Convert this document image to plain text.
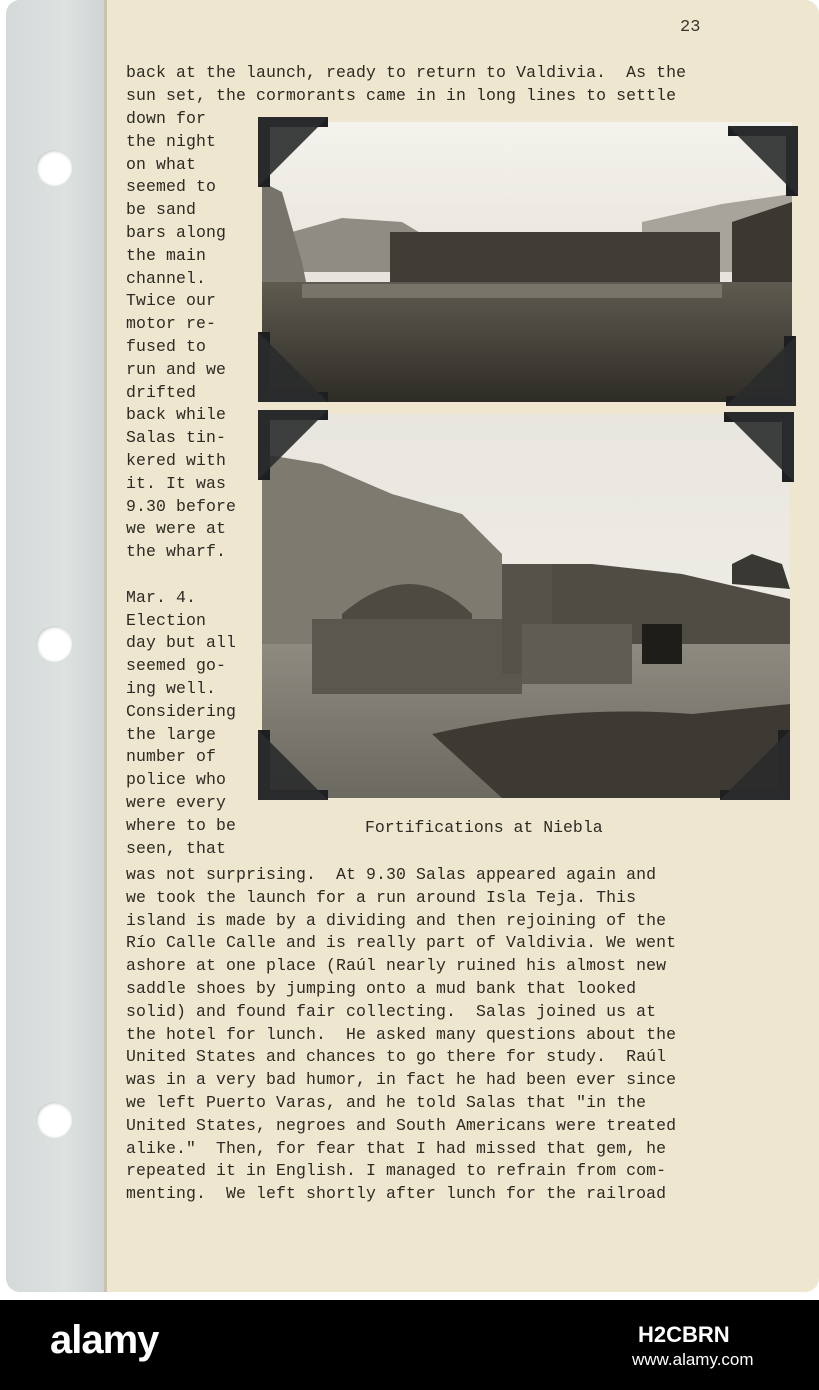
23
back at the launch, ready to return to Valdivia.  As the
sun set, the cormorants came in in long lines to settle
down for
the night
on what
seemed to
be sand
bars along
the main
channel.
Twice our
motor re-
fused to
run and we
drifted
back while
Salas tin-
kered with
it. It was
9.30 before
we were at
the wharf.
Mar. 4.
Election
day but all
seemed go-
ing well.
Considering
the large
number of
police who
were every
where to be
seen, that
Fortifications at Niebla
was not surprising.  At 9.30 Salas appeared again and
we took the launch for a run around Isla Teja. This
island is made by a dividing and then rejoining of the
Río Calle Calle and is really part of Valdivia. We went
ashore at one place (Raúl nearly ruined his almost new
saddle shoes by jumping onto a mud bank that looked
solid) and found fair collecting.  Salas joined us at
the hotel for lunch.  He asked many questions about the
United States and chances to go there for study.  Raúl
was in a very bad humor, in fact he had been ever since
we left Puerto Varas, and he told Salas that "in the
United States, negroes and South Americans were treated
alike."  Then, for fear that I had missed that gem, he
repeated it in English. I managed to refrain from com-
menting.  We left shortly after lunch for the railroad
alamy	H2CBRN
www.alamy.com
